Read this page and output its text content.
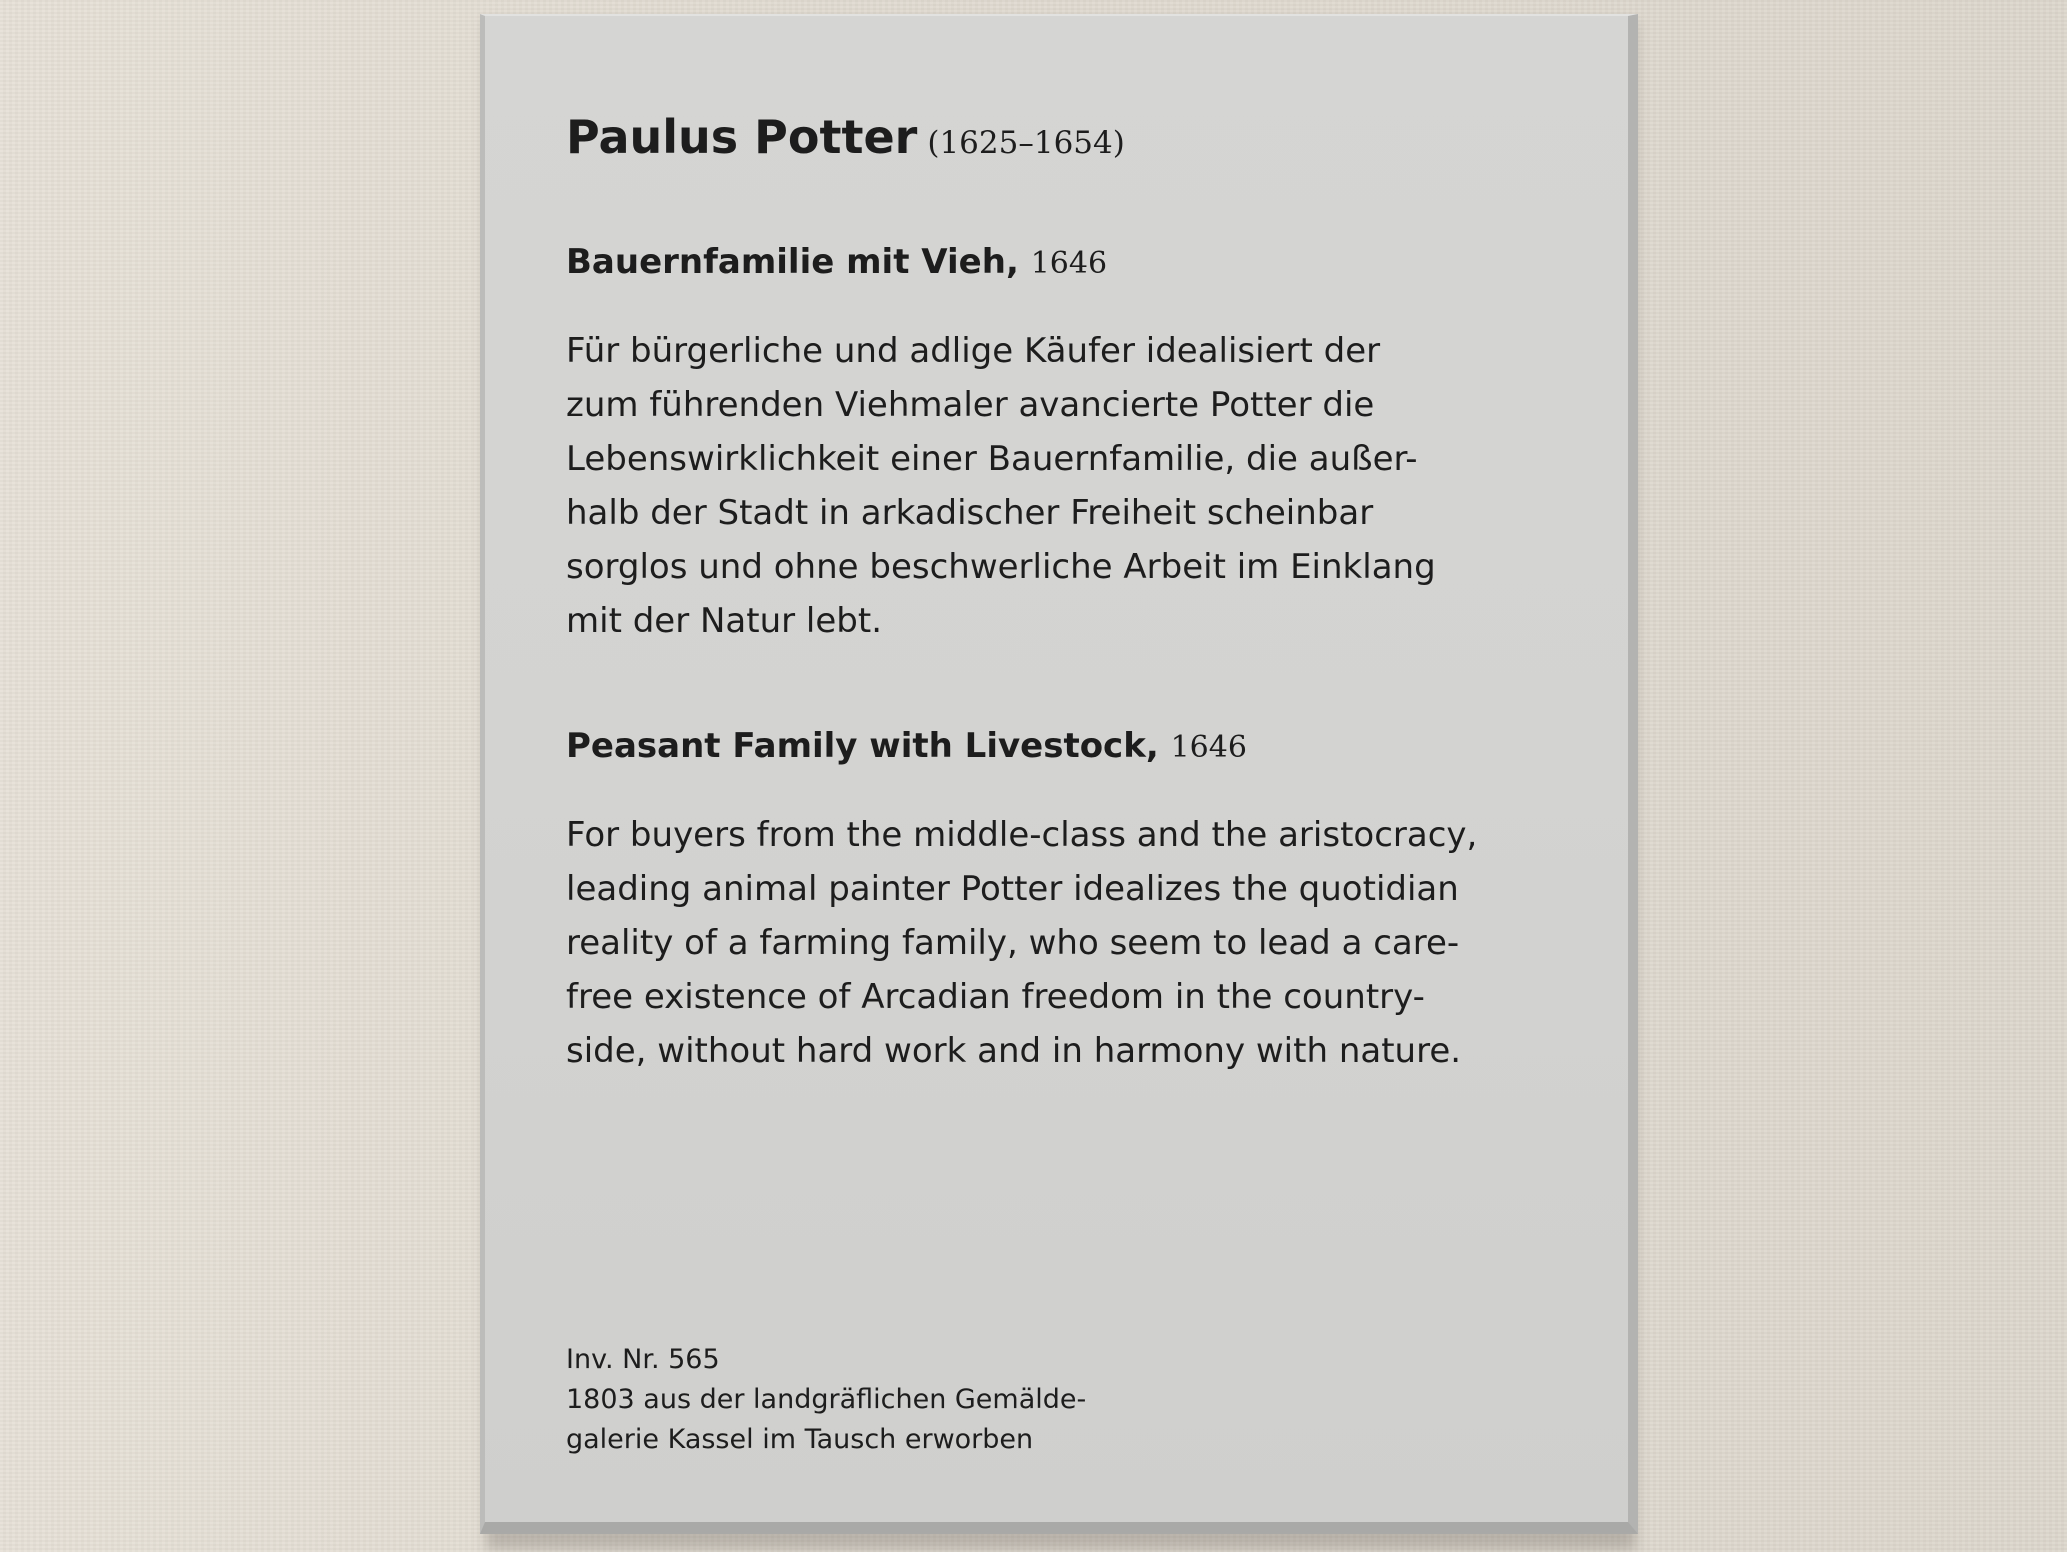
Paulus Potter (1625–1654)
Bauernfamilie mit Vieh, 1646
Für bürgerliche und adlige Käufer idealisiert der
zum führenden Viehmaler avancierte Potter die
Lebenswirklichkeit einer Bauernfamilie, die außer-
halb der Stadt in arkadischer Freiheit scheinbar
sorglos und ohne beschwerliche Arbeit im Einklang
mit der Natur lebt.
Peasant Family with Livestock, 1646
For buyers from the middle-class and the aristocracy,
leading animal painter Potter idealizes the quotidian
reality of a farming family, who seem to lead a care-
free existence of Arcadian freedom in the country-
side, without hard work and in harmony with nature.
Inv. Nr. 565
1803 aus der landgräflichen Gemälde-
galerie Kassel im Tausch erworben
